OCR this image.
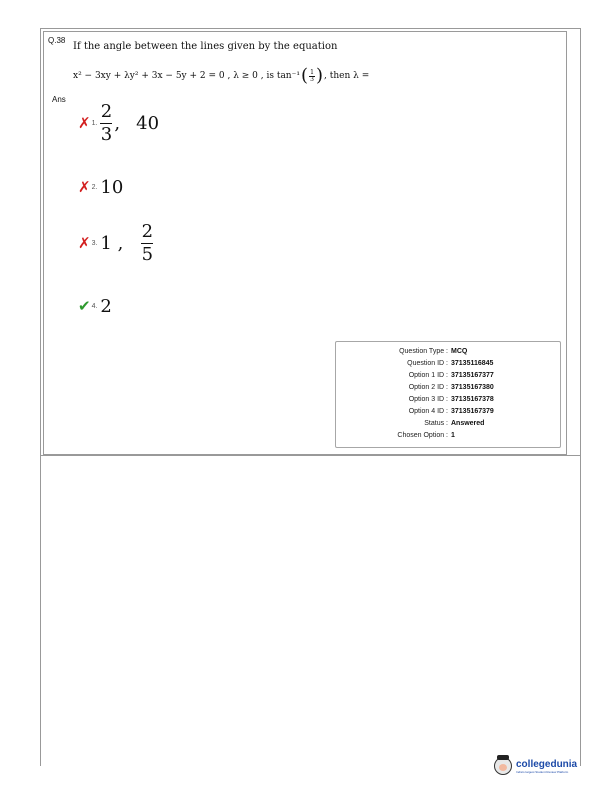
Q.38
If the angle between the lines given by the equation
x² − 3xy + λy² + 3x − 5y + 2 = 0 , λ ≥ 0 , is tan⁻¹ ( 1
3 ) , then λ =
Ans
✗ 1. $\frac{2}{3}$ , 40
✗ 2. 10
✗ 3. 1 , $\frac{2}{5}$
✔ 4. 2
Question Type : MCQ
Question ID : 37135116845
Option 1 ID : 37135167377
Option 2 ID : 37135167380
Option 3 ID : 37135167378
Option 4 ID : 37135167379
Status : Answered
Chosen Option : 1
collegedunia
India's largest Student Review Platform
